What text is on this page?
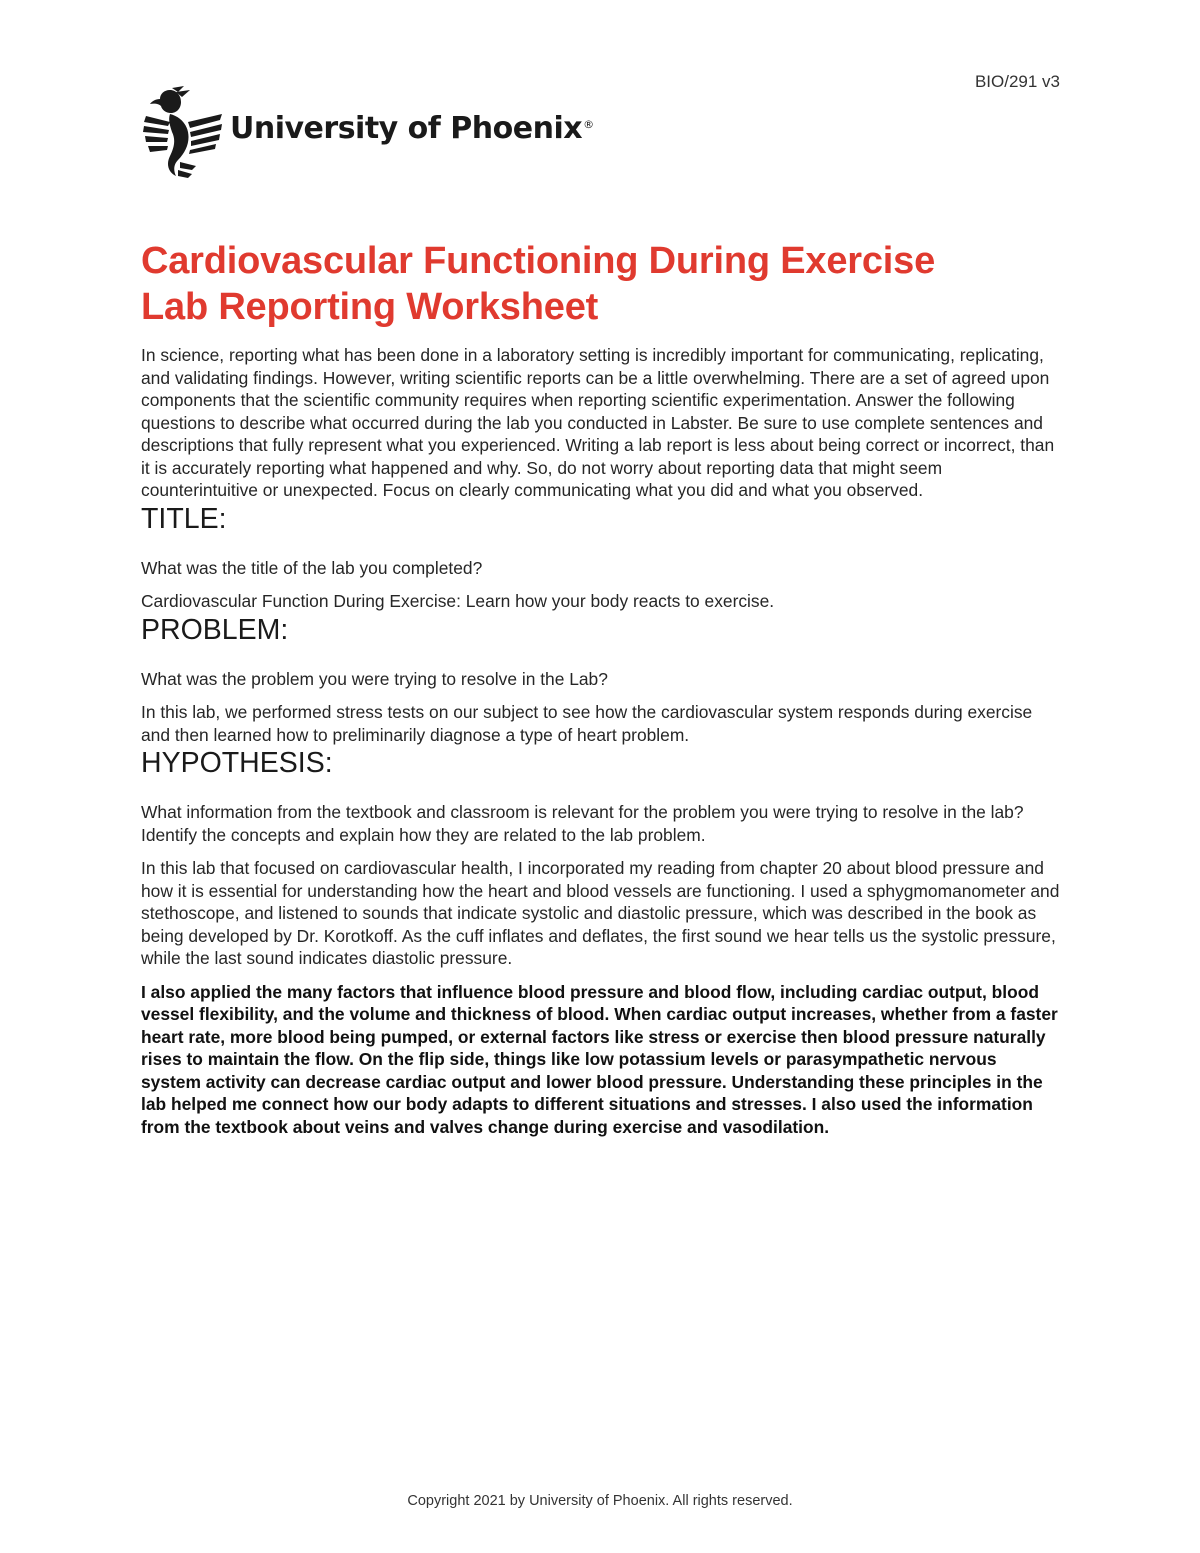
BIO/291 v3
University of Phoenix®
Cardiovascular Functioning During Exercise
Lab Reporting Worksheet

In science, reporting what has been done in a laboratory setting is incredibly important for communicating, replicating, and validating findings. However, writing scientific reports can be a little overwhelming. There are a set of agreed upon components that the scientific community requires when reporting scientific experimentation. Answer the following questions to describe what occurred during the lab you conducted in Labster. Be sure to use complete sentences and descriptions that fully represent what you experienced. Writing a lab report is less about being correct or incorrect, than it is accurately reporting what happened and why. So, do not worry about reporting data that might seem counterintuitive or unexpected. Focus on clearly communicating what you did and what you observed.

TITLE:

What was the title of the lab you completed?

Cardiovascular Function During Exercise: Learn how your body reacts to exercise.

PROBLEM:

What was the problem you were trying to resolve in the Lab?

In this lab, we performed stress tests on our subject to see how the cardiovascular system responds during exercise and then learned how to preliminarily diagnose a type of heart problem.

HYPOTHESIS:

What information from the textbook and classroom is relevant for the problem you were trying to resolve in the lab? Identify the concepts and explain how they are related to the lab problem.

In this lab that focused on cardiovascular health, I incorporated my reading from chapter 20 about blood pressure and how it is essential for understanding how the heart and blood vessels are functioning. I used a sphygmomanometer and stethoscope, and listened to sounds that indicate systolic and diastolic pressure, which was described in the book as being developed by Dr. Korotkoff. As the cuff inflates and deflates, the first sound we hear tells us the systolic pressure, while the last sound indicates diastolic pressure.

I also applied the many factors that influence blood pressure and blood flow, including cardiac output, blood vessel flexibility, and the volume and thickness of blood. When cardiac output increases, whether from a faster heart rate, more blood being pumped, or external factors like stress or exercise then blood pressure naturally rises to maintain the flow. On the flip side, things like low potassium levels or parasympathetic nervous system activity can decrease cardiac output and lower blood pressure. Understanding these principles in the lab helped me connect how our body adapts to different situations and stresses. I also used the information from the textbook about veins and valves change during exercise and vasodilation.

Copyright 2021 by University of Phoenix. All rights reserved.
